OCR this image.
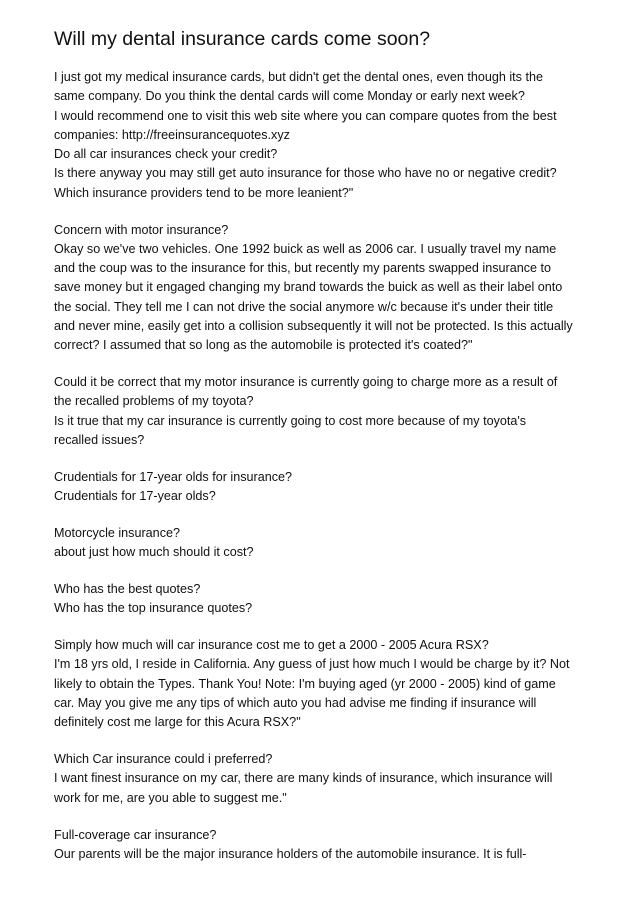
Will my dental insurance cards come soon?
I just got my medical insurance cards, but didn't get the dental ones, even though its the
same company. Do you think the dental cards will come Monday or early next week?
I would recommend one to visit this web site where you can compare quotes from the best
companies: http://freeinsurancequotes.xyz
Do all car insurances check your credit?
Is there anyway you may still get auto insurance for those who have no or negative credit?
Which insurance providers tend to be more leanient?"
Concern with motor insurance?
Okay so we've two vehicles. One 1992 buick as well as 2006 car. I usually travel my name
and the coup was to the insurance for this, but recently my parents swapped insurance to
save money but it engaged changing my brand towards the buick as well as their label onto
the social. They tell me I can not drive the social anymore w/c because it's under their title
and never mine, easily get into a collision subsequently it will not be protected. Is this actually
correct? I assumed that so long as the automobile is protected it's coated?"
Could it be correct that my motor insurance is currently going to charge more as a result of
the recalled problems of my toyota?
Is it true that my car insurance is currently going to cost more because of my toyota's
recalled issues?
Crudentials for 17-year olds for insurance?
Crudentials for 17-year olds?
Motorcycle insurance?
about just how much should it cost?
Who has the best quotes?
Who has the top insurance quotes?
Simply how much will car insurance cost me to get a 2000 - 2005 Acura RSX?
I'm 18 yrs old, I reside in California. Any guess of just how much I would be charge by it? Not
likely to obtain the Types. Thank You! Note: I'm buying aged (yr 2000 - 2005) kind of game
car. May you give me any tips of which auto you had advise me finding if insurance will
definitely cost me large for this Acura RSX?"
Which Car insurance could i preferred?
I want finest insurance on my car, there are many kinds of insurance, which insurance will
work for me, are you able to suggest me."
Full-coverage car insurance?
Our parents will be the major insurance holders of the automobile insurance. It is full-
